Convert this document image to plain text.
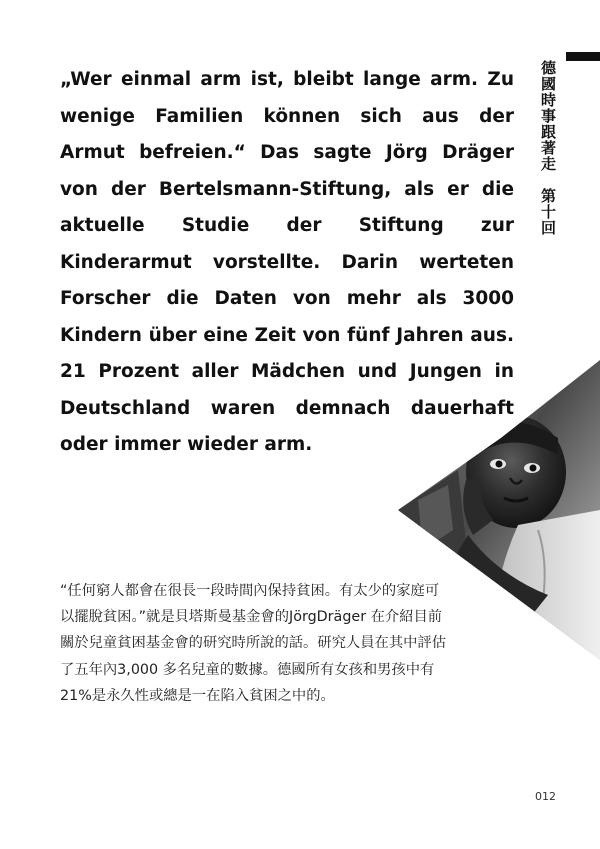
德國時事跟著走第十回

„Wer einmal arm ist, bleibt lange arm. Zu wenige Familien können sich aus der Armut befreien.“ Das sagte Jörg Dräger von der Bertelsmann-Stiftung, als er die aktuelle Studie der Stiftung zur Kinderarmut vorstellte. Darin werteten Forscher die Daten von mehr als 3000 Kindern über eine Zeit von fünf Jahren aus. 21 Prozent aller Mädchen und Jungen in Deutschland waren demnach dauerhaft oder immer wieder arm.

“任何窮人都會在很長一段時間內保持貧困。有太少的家庭可以擺脫貧困。”就是貝塔斯曼基金會的JörgDräger 在介紹目前關於兒童貧困基金會的研究時所說的話。研究人員在其中評估了五年內3,000 多名兒童的數據。德國所有女孩和男孩中有21%是永久性或總是一在陷入貧困之中的。

012
